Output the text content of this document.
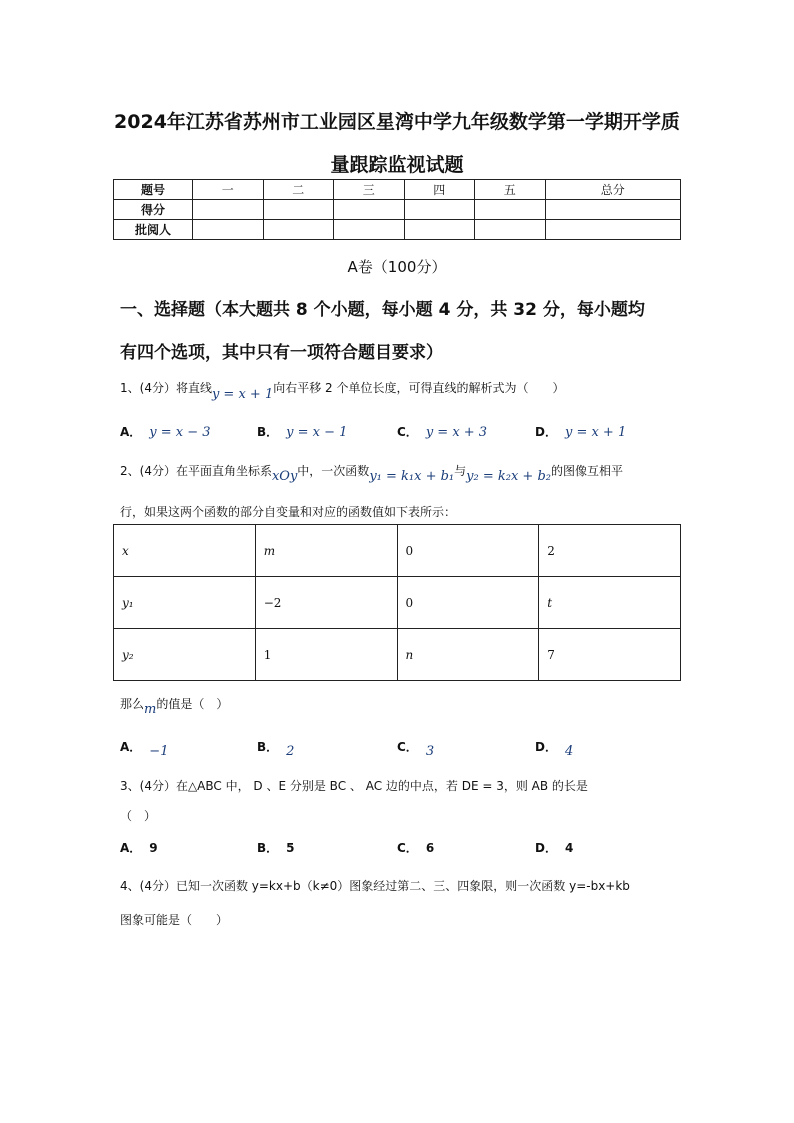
2024年江苏省苏州市工业园区星湾中学九年级数学第一学期开学质
量跟踪监视试题
题号	一	二	三	四	五	总分
得分						
批阅人						
A卷（100分）
一、选择题（本大题共 8 个小题，每小题 4 分，共 32 分，每小题均
有四个选项，其中只有一项符合题目要求）
1、(4分）将直线y = x + 1向右平移 2 个单位长度，可得直线的解析式为（　　）
A． y = x − 3	B． y = x − 1	C． y = x + 3	D． y = x + 1
2、(4分）在平面直角坐标系xOy中，一次函数y₁ = k₁x + b₁与y₂ = k₂x + b₂的图像互相平
行，如果这两个函数的部分自变量和对应的函数值如下表所示：
x	m	0	2
y₁	−2	0	t
y₂	1	n	7
那么m的值是（　）
A． −1	B． 2	C． 3	D． 4
3、(4分）在△ABC 中， D 、E 分别是 BC 、 AC 边的中点，若 DE = 3，则 AB 的长是
（　）
A． 9	B． 5	C． 6	D． 4
4、(4分）已知一次函数 y=kx+b（k≠0）图象经过第二、三、四象限，则一次函数 y=-bx+kb
图象可能是（　　）
